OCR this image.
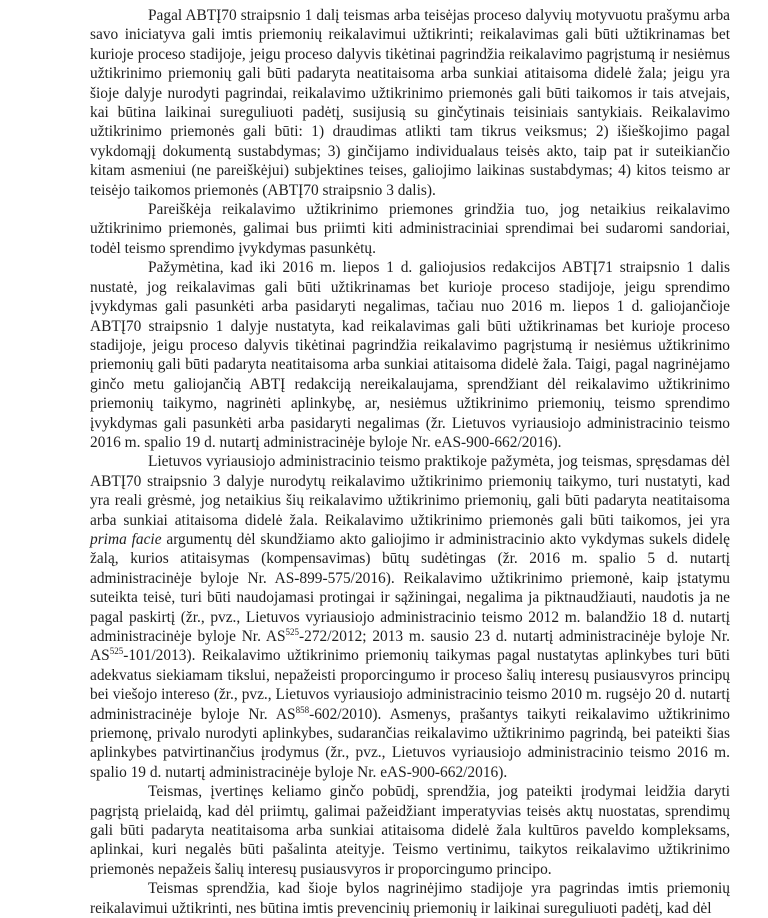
Pagal ABTĮ70 straipsnio 1 dalį teismas arba teisėjas proceso dalyvių motyvuotu prašymu arba savo iniciatyva gali imtis priemonių reikalavimui užtikrinti; reikalavimas gali būti užtikrinamas bet kurioje proceso stadijoje, jeigu proceso dalyvis tikėtinai pagrindžia reikalavimo pagrįstumą ir nesiėmus užtikrinimo priemonių gali būti padaryta neatitaisoma arba sunkiai atitaisoma didelė žala; jeigu yra šioje dalyje nurodyti pagrindai, reikalavimo užtikrinimo priemonės gali būti taikomos ir tais atvejais, kai būtina laikinai sureguliuoti padėtį, susijusią su ginčytinais teisiniais santykiais. Reikalavimo užtikrinimo priemonės gali būti: 1) draudimas atlikti tam tikrus veiksmus; 2) išieškojimo pagal vykdomąjį dokumentą sustabdymas; 3) ginčijamo individualaus teisės akto, taip pat ir suteikiančio kitam asmeniui (ne pareiškėjui) subjektines teises, galiojimo laikinas sustabdymas; 4) kitos teismo ar teisėjo taikomos priemonės (ABTĮ70 straipsnio 3 dalis).

Pareiškėja reikalavimo užtikrinimo priemones grindžia tuo, jog netaikius reikalavimo užtikrinimo priemonės, galimai bus priimti kiti administraciniai sprendimai bei sudaromi sandoriai, todėl teismo sprendimo įvykdymas pasunkėtų.

Pažymėtina, kad iki 2016 m. liepos 1 d. galiojusios redakcijos ABTĮ71 straipsnio 1 dalis nustatė, jog reikalavimas gali būti užtikrinamas bet kurioje proceso stadijoje, jeigu sprendimo įvykdymas gali pasunkėti arba pasidaryti negalimas, tačiau nuo 2016 m. liepos 1 d. galiojančioje ABTĮ70 straipsnio 1 dalyje nustatyta, kad reikalavimas gali būti užtikrinamas bet kurioje proceso stadijoje, jeigu proceso dalyvis tikėtinai pagrindžia reikalavimo pagrįstumą ir nesiėmus užtikrinimo priemonių gali būti padaryta neatitaisoma arba sunkiai atitaisoma didelė žala. Taigi, pagal nagrinėjamo ginčo metu galiojančią ABTĮ redakciją nereikalaujama, sprendžiant dėl reikalavimo užtikrinimo priemonių taikymo, nagrinėti aplinkybę, ar, nesiėmus užtikrinimo priemonių, teismo sprendimo įvykdymas gali pasunkėti arba pasidaryti negalimas (žr. Lietuvos vyriausiojo administracinio teismo 2016 m. spalio 19 d. nutartį administracinėje byloje Nr. eAS-900-662/2016).

Lietuvos vyriausiojo administracinio teismo praktikoje pažymėta, jog teismas, spręsdamas dėl ABTĮ70 straipsnio 3 dalyje nurodytų reikalavimo užtikrinimo priemonių taikymo, turi nustatyti, kad yra reali grėsmė, jog netaikius šių reikalavimo užtikrinimo priemonių, gali būti padaryta neatitaisoma arba sunkiai atitaisoma didelė žala. Reikalavimo užtikrinimo priemonės gali būti taikomos, jei yra prima facie argumentų dėl skundžiamo akto galiojimo ir administracinio akto vykdymas sukels didelę žalą, kurios atitaisymas (kompensavimas) būtų sudėtingas (žr. 2016 m. spalio 5 d. nutartį administracinėje byloje Nr. AS-899-575/2016). Reikalavimo užtikrinimo priemonė, kaip įstatymu suteikta teisė, turi būti naudojamasi protingai ir sąžiningai, negalima ja piktnaudžiauti, naudotis ja ne pagal paskirtį (žr., pvz., Lietuvos vyriausiojo administracinio teismo 2012 m. balandžio 18 d. nutartį administracinėje byloje Nr. AS$^{525}$-272/2012; 2013 m. sausio 23 d. nutartį administracinėje byloje Nr. AS$^{525}$-101/2013). Reikalavimo užtikrinimo priemonių taikymas pagal nustatytas aplinkybes turi būti adekvatus siekiamam tikslui, nepažeisti proporcingumo ir proceso šalių interesų pusiausvyros principų bei viešojo intereso (žr., pvz., Lietuvos vyriausiojo administracinio teismo 2010 m. rugsėjo 20 d. nutartį administracinėje byloje Nr. AS$^{858}$-602/2010). Asmenys, prašantys taikyti reikalavimo užtikrinimo priemonę, privalo nurodyti aplinkybes, sudarančias reikalavimo užtikrinimo pagrindą, bei pateikti šias aplinkybes patvirtinančius įrodymus (žr., pvz., Lietuvos vyriausiojo administracinio teismo 2016 m. spalio 19 d. nutartį administracinėje byloje Nr. eAS-900-662/2016).

Teismas, įvertinęs keliamo ginčo pobūdį, sprendžia, jog pateikti įrodymai leidžia daryti pagrįstą prielaidą, kad dėl priimtų, galimai pažeidžiant imperatyvias teisės aktų nuostatas, sprendimų gali būti padaryta neatitaisoma arba sunkiai atitaisoma didelė žala kultūros paveldo kompleksams, aplinkai, kuri negalės būti pašalinta ateityje. Teismo vertinimu, taikytos reikalavimo užtikrinimo priemonės nepažeis šalių interesų pusiausvyros ir proporcingumo principo.

Teismas sprendžia, kad šioje bylos nagrinėjimo stadijoje yra pagrindas imtis priemonių reikalavimui užtikrinti, nes būtina imtis prevencinių priemonių ir laikinai sureguliuoti padėtį, kad dėl
